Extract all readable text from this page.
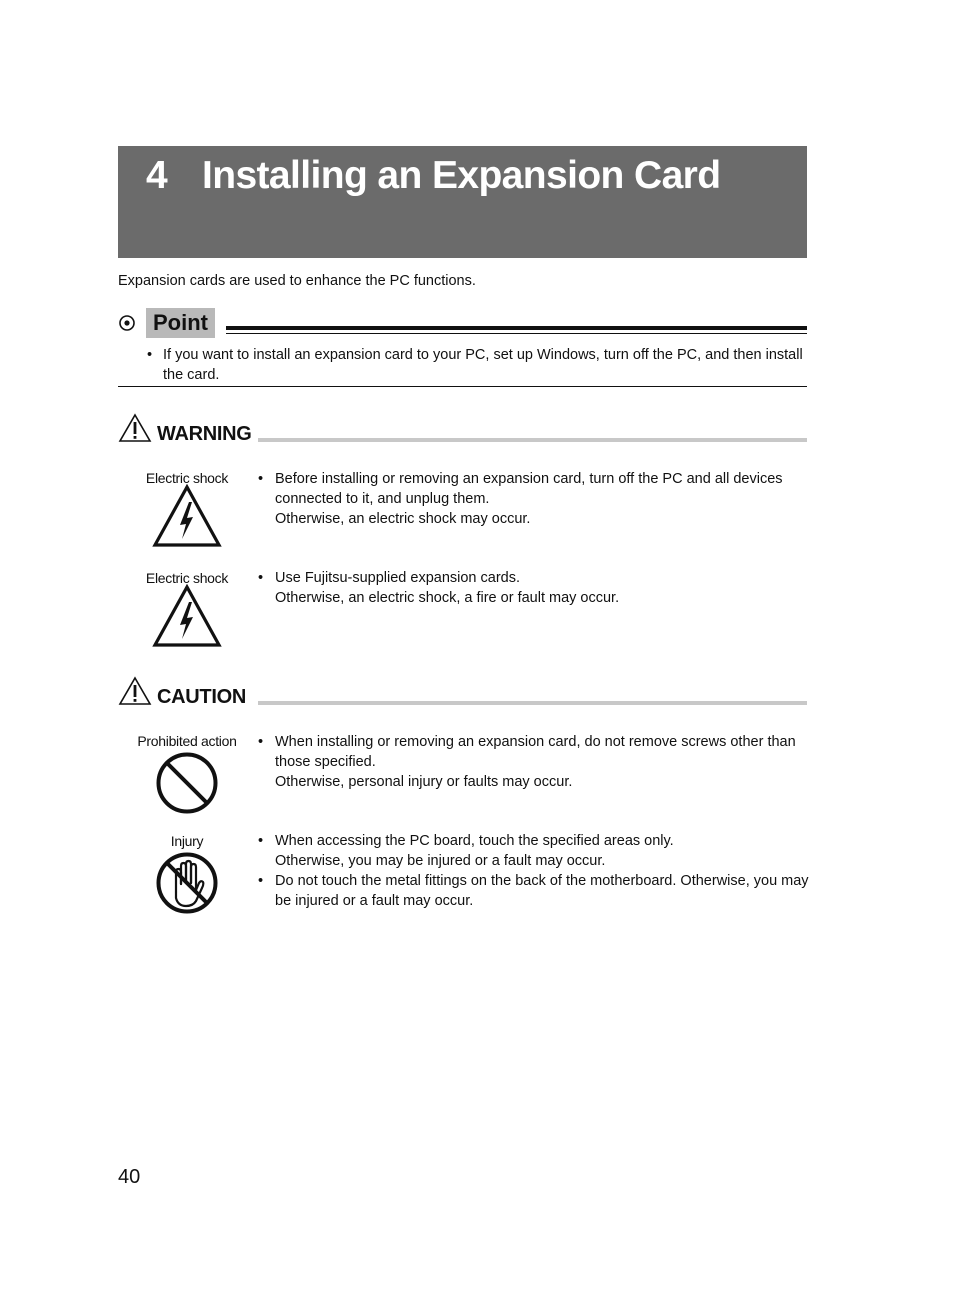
4 Installing an Expansion Card
Expansion cards are used to enhance the PC functions.
Point
• If you want to install an expansion card to your PC, set up Windows, turn off the PC, and then install the card.
WARNING
Electric shock	• Before installing or removing an expansion card, turn off the PC and all devices connected to it, and unplug them.
Otherwise, an electric shock may occur.
Electric shock	• Use Fujitsu-supplied expansion cards.
Otherwise, an electric shock, a fire or fault may occur.
CAUTION
Prohibited action	• When installing or removing an expansion card, do not remove screws other than those specified.
Otherwise, personal injury or faults may occur.
Injury	• When accessing the PC board, touch the specified areas only.
Otherwise, you may be injured or a fault may occur.
• Do not touch the metal fittings on the back of the motherboard. Otherwise, you may be injured or a fault may occur.
40
